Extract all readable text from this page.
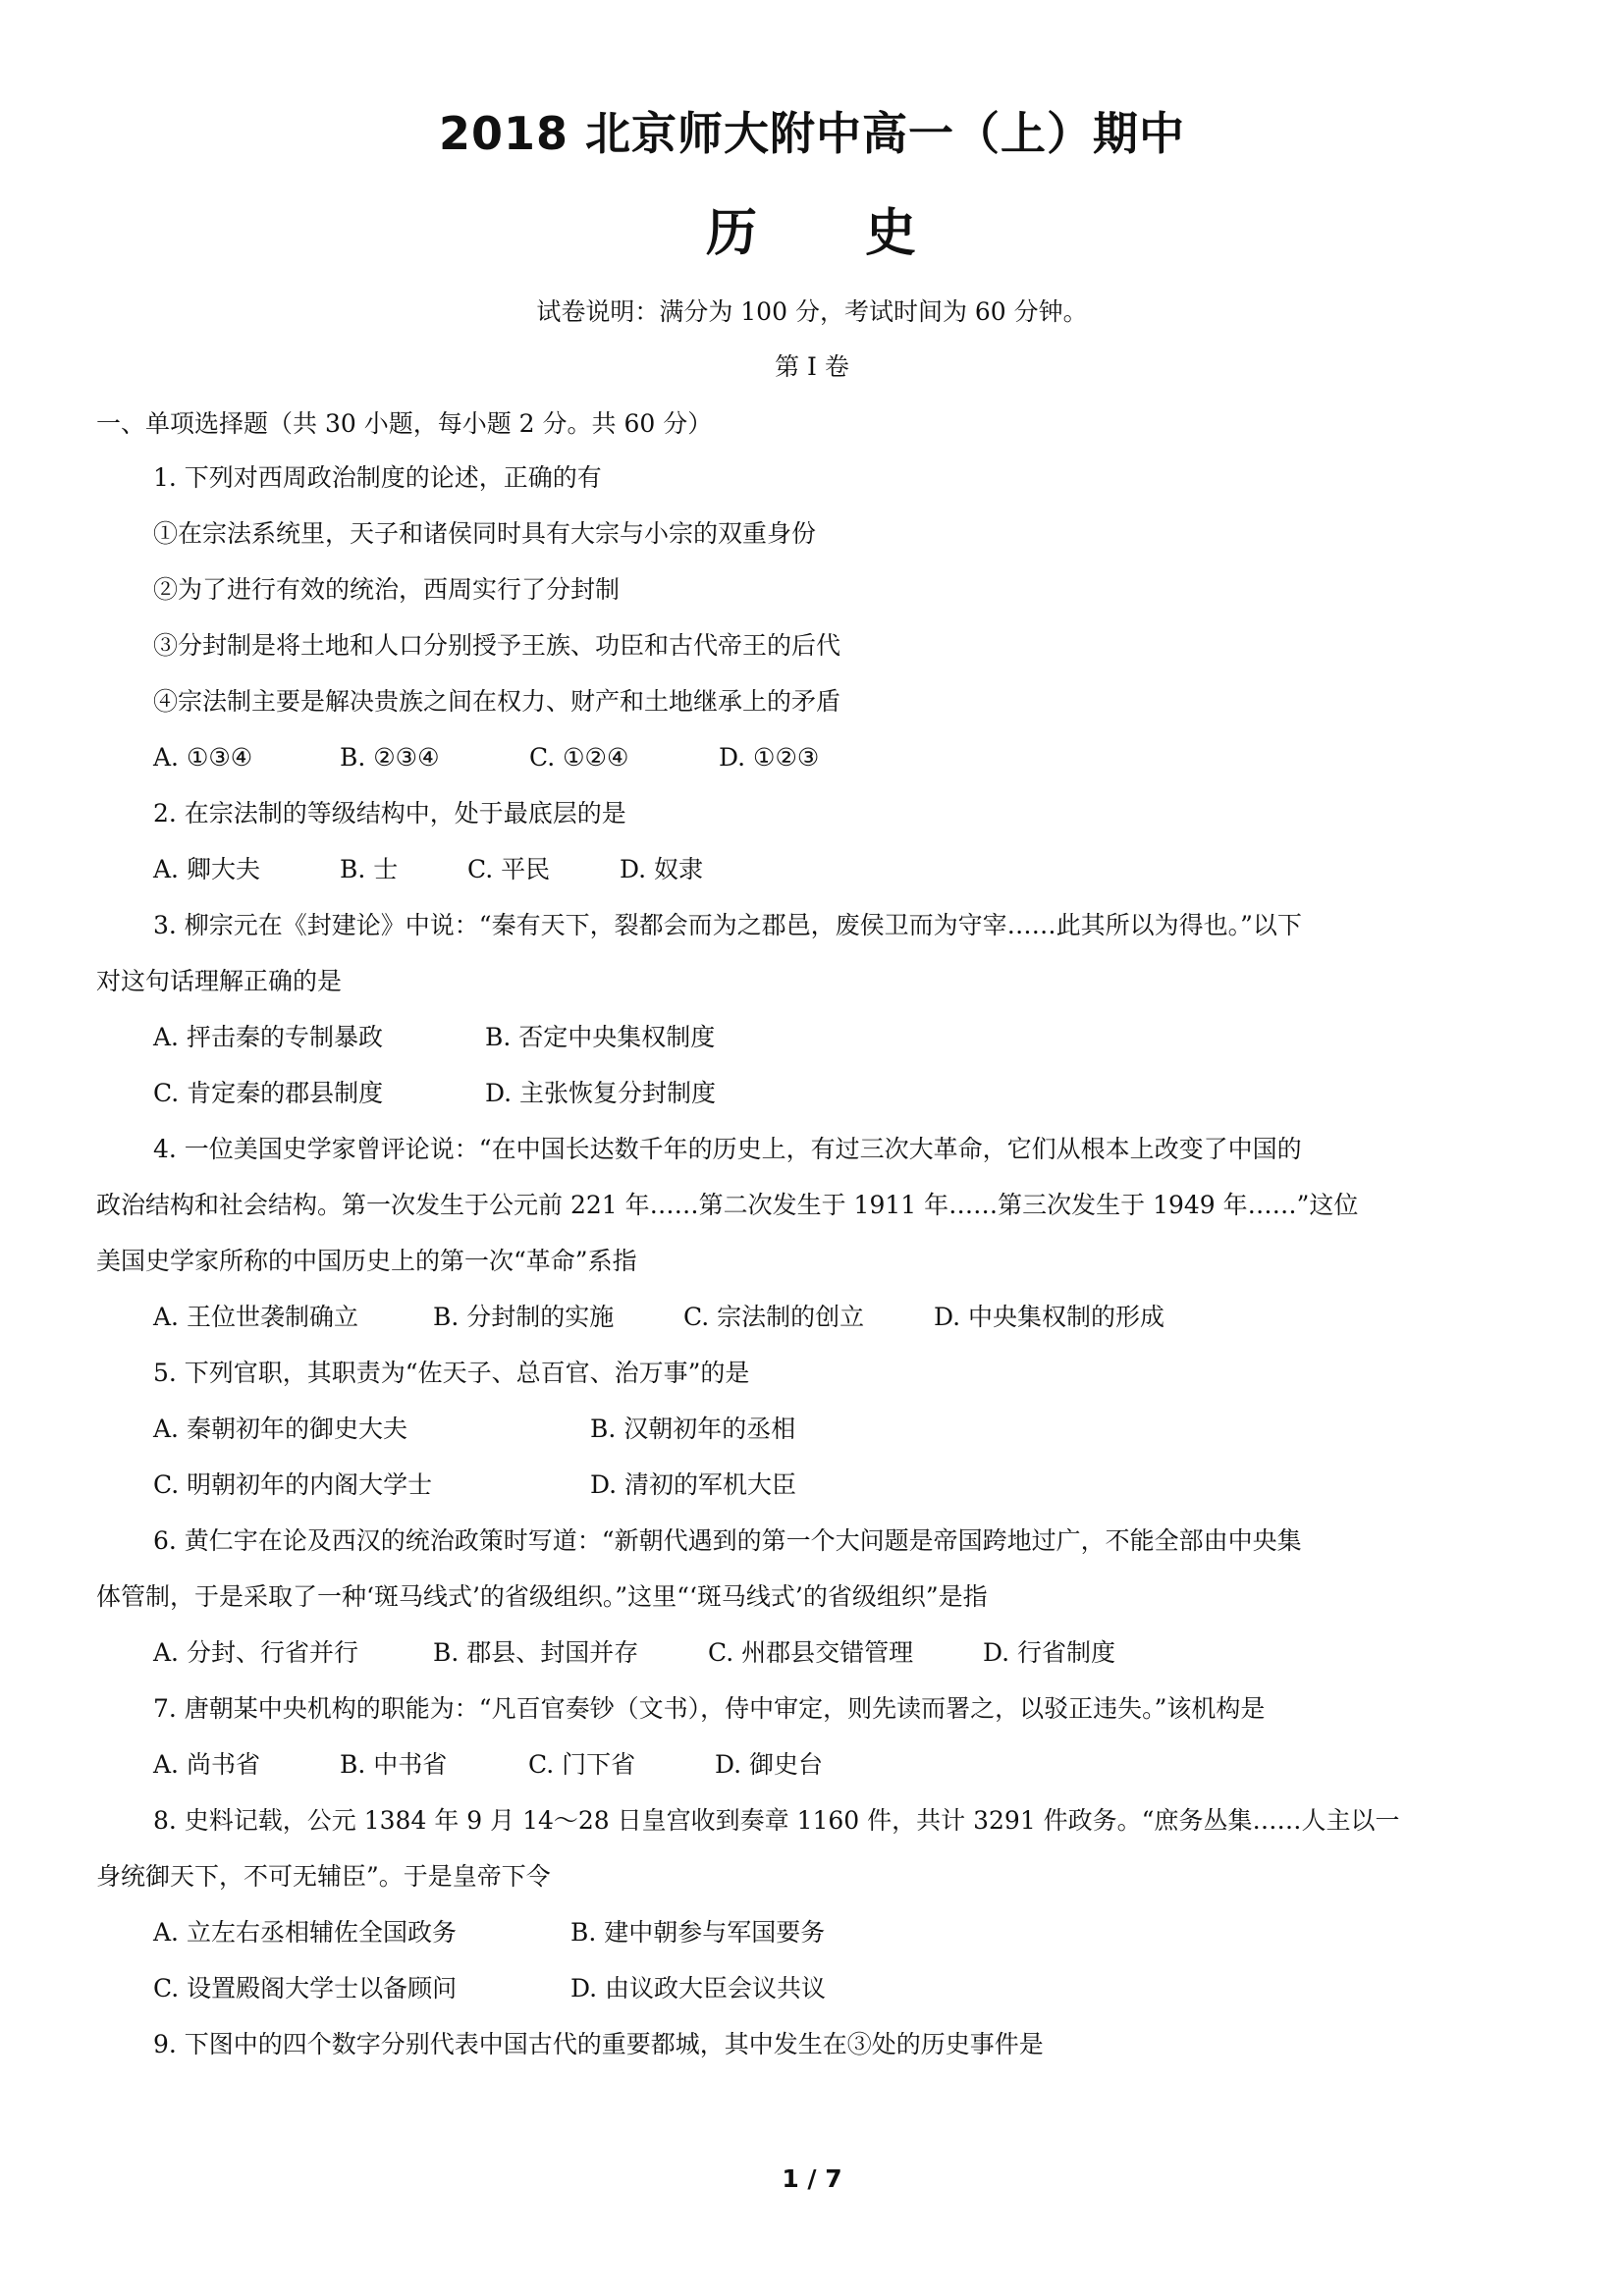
2018 北京师大附中高一（上）期中
历 史
试卷说明：满分为 100 分，考试时间为 60 分钟。
第 I 卷
一、单项选择题（共 30 小题，每小题 2 分。共 60 分）
1. 下列对西周政治制度的论述，正确的有
①在宗法系统里，天子和诸侯同时具有大宗与小宗的双重身份
②为了进行有效的统治，西周实行了分封制
③分封制是将土地和人口分别授予王族、功臣和古代帝王的后代
④宗法制主要是解决贵族之间在权力、财产和土地继承上的矛盾
A. ①③④	B. ②③④	C. ①②④	D. ①②③
2. 在宗法制的等级结构中，处于最底层的是
A. 卿大夫	B. 士	C. 平民	D. 奴隶
3. 柳宗元在《封建论》中说：“秦有天下，裂都会而为之郡邑，废侯卫而为守宰……此其所以为得也。”以下
对这句话理解正确的是
A. 抨击秦的专制暴政	B. 否定中央集权制度
C. 肯定秦的郡县制度	D. 主张恢复分封制度
4. 一位美国史学家曾评论说：“在中国长达数千年的历史上，有过三次大革命，它们从根本上改变了中国的
政治结构和社会结构。第一次发生于公元前 221 年……第二次发生于 1911 年……第三次发生于 1949 年……”这位
美国史学家所称的中国历史上的第一次“革命”系指
A. 王位世袭制确立	B. 分封制的实施	C. 宗法制的创立	D. 中央集权制的形成
5. 下列官职，其职责为“佐天子、总百官、治万事”的是
A. 秦朝初年的御史大夫	B. 汉朝初年的丞相
C. 明朝初年的内阁大学士	D. 清初的军机大臣
6. 黄仁宇在论及西汉的统治政策时写道：“新朝代遇到的第一个大问题是帝国跨地过广，不能全部由中央集
体管制，于是采取了一种‘斑马线式’的省级组织。”这里“‘斑马线式’的省级组织”是指
A. 分封、行省并行	B. 郡县、封国并存	C. 州郡县交错管理	D. 行省制度
7. 唐朝某中央机构的职能为：“凡百官奏钞（文书），侍中审定，则先读而署之，以驳正违失。”该机构是
A. 尚书省	B. 中书省	C. 门下省	D. 御史台
8. 史料记载，公元 1384 年 9 月 14～28 日皇宫收到奏章 1160 件，共计 3291 件政务。“庶务丛集……人主以一
身统御天下，不可无辅臣”。于是皇帝下令
A. 立左右丞相辅佐全国政务	B. 建中朝参与军国要务
C. 设置殿阁大学士以备顾问	D. 由议政大臣会议共议
9. 下图中的四个数字分别代表中国古代的重要都城，其中发生在③处的历史事件是
1 / 7
